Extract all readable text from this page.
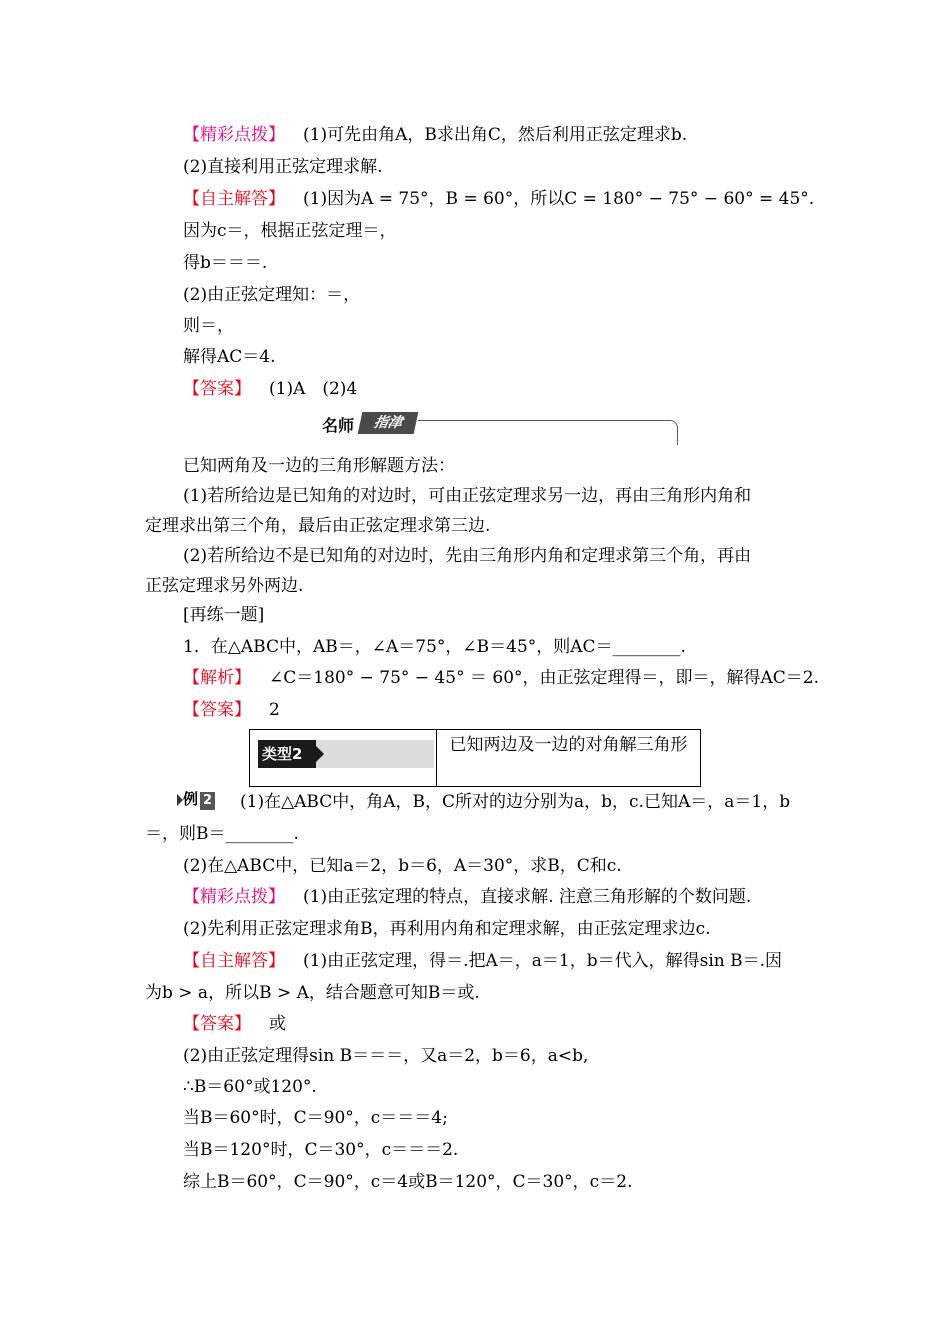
【精彩点拨】 (1)可先由角A，B求出角C，然后利用正弦定理求b.
(2)直接利用正弦定理求解.
【自主解答】 (1)因为A = 75°，B = 60°，所以C = 180° − 75° − 60° = 45°.
因为c＝，根据正弦定理＝，
得b＝＝＝.
(2)由正弦定理知：＝，
则＝，
解得AC＝4.
【答案】 (1)A　(2)4
名师	指津
已知两角及一边的三角形解题方法：
(1)若所给边是已知角的对边时，可由正弦定理求另一边，再由三角形内角和
定理求出第三个角，最后由正弦定理求第三边.
(2)若所给边不是已知角的对边时，先由三角形内角和定理求第三个角，再由
正弦定理求另外两边.
[再练一题]
1．在△ABC中，AB＝，∠A＝75°，∠B＝45°，则AC＝________.
【解析】 ∠C＝180° − 75° − 45° ＝ 60°，由正弦定理得＝，即＝，解得AC＝2.
【答案】 2
类型2	已知两边及一边的对角解三角形
例 2 (1)在△ABC中，角A，B，C所对的边分别为a，b，c.已知A＝，a＝1，b
＝，则B＝________.
(2)在△ABC中，已知a＝2，b＝6，A＝30°，求B，C和c.
【精彩点拨】 (1)由正弦定理的特点，直接求解. 注意三角形解的个数问题.
(2)先利用正弦定理求角B，再利用内角和定理求解，由正弦定理求边c.
【自主解答】 (1)由正弦定理，得＝.把A＝，a＝1，b＝代入，解得sin B＝.因
为b > a，所以B > A，结合题意可知B＝或.
【答案】 或
(2)由正弦定理得sin B＝＝＝，又a＝2，b＝6，a<b,
∴B＝60°或120°.
当B＝60°时，C＝90°，c＝＝＝4;
当B＝120°时，C＝30°，c＝＝＝2.
综上B＝60°，C＝90°，c＝4或B＝120°，C＝30°，c＝2.
